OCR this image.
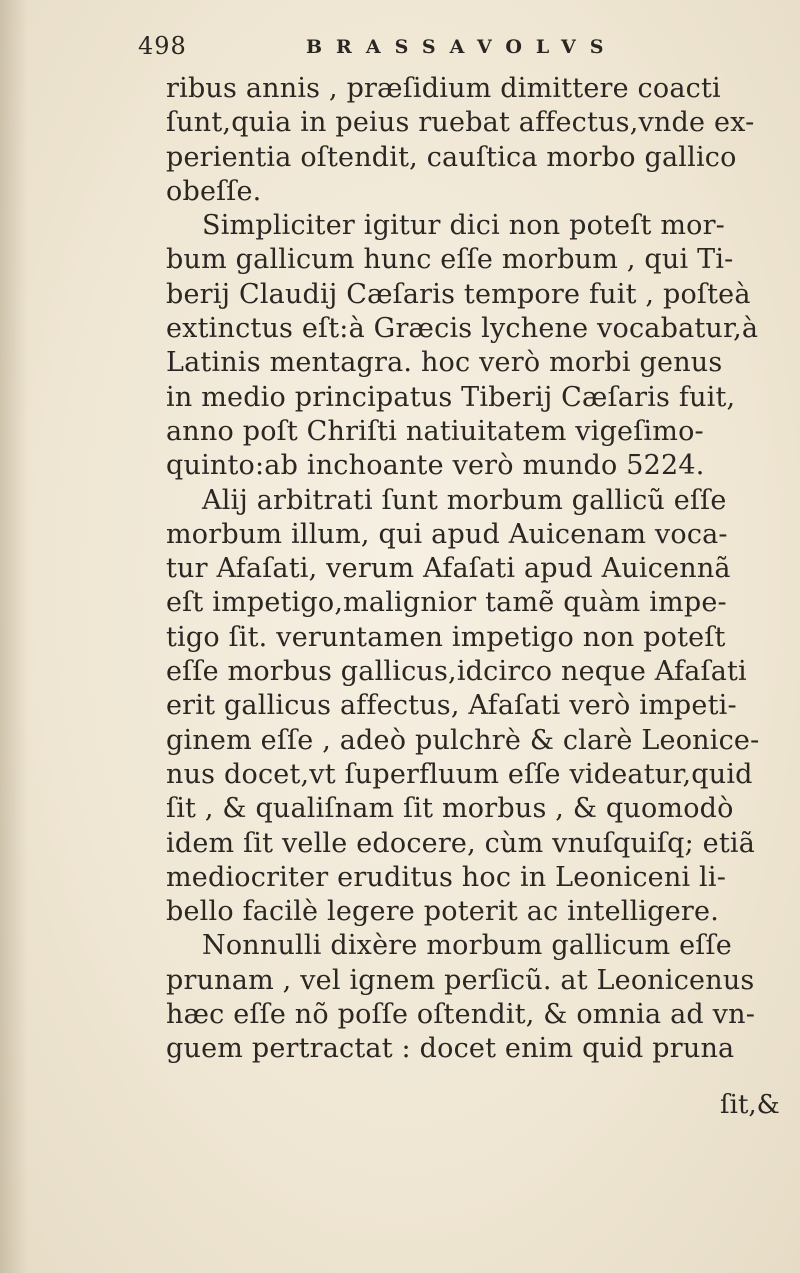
498	BRASSAVOLVS
ribus annis , præſidium dimittere coacti
ſunt,quia in peius ruebat affectus,vnde ex-
perientia oſtendit, cauſtica morbo gallico
obeſſe.
Simpliciter igitur dici non poteſt mor-
bum gallicum hunc eſſe morbum , qui Ti-
berij Claudij Cæſaris tempore fuit , poſteà
extinctus eſt:à Græcis lychene vocabatur,à
Latinis mentagra. hoc verò morbi genus
in medio principatus Tiberij Cæſaris fuit,
anno poſt Chriſti natiuitatem vigeſimo-
quinto:ab inchoante verò mundo 5224.
Alij arbitrati ſunt morbum gallicũ eſſe
morbum illum, qui apud Auicenam voca-
tur Afaſati, verum Afaſati apud Auicennã
eſt impetigo,malignior tamẽ quàm impe-
tigo ſit. veruntamen impetigo non poteſt
eſſe morbus gallicus,idcirco neque Afaſati
erit gallicus affectus, Afaſati verò impeti-
ginem eſſe , adeò pulchrè & clarè Leonice-
nus docet,vt ſuperfluum eſſe videatur,quid
ſit , & qualiſnam ſit morbus , & quomodò
idem ſit velle edocere, cùm vnuſquiſq; etiã
mediocriter eruditus hoc in Leoniceni li-
bello facilè legere poterit ac intelligere.
Nonnulli dixère morbum gallicum eſſe
prunam , vel ignem perſicũ. at Leonicenus
hæc eſſe nõ poſſe oſtendit, & omnia ad vn-
guem pertractat : docet enim quid pruna
ſit,&
